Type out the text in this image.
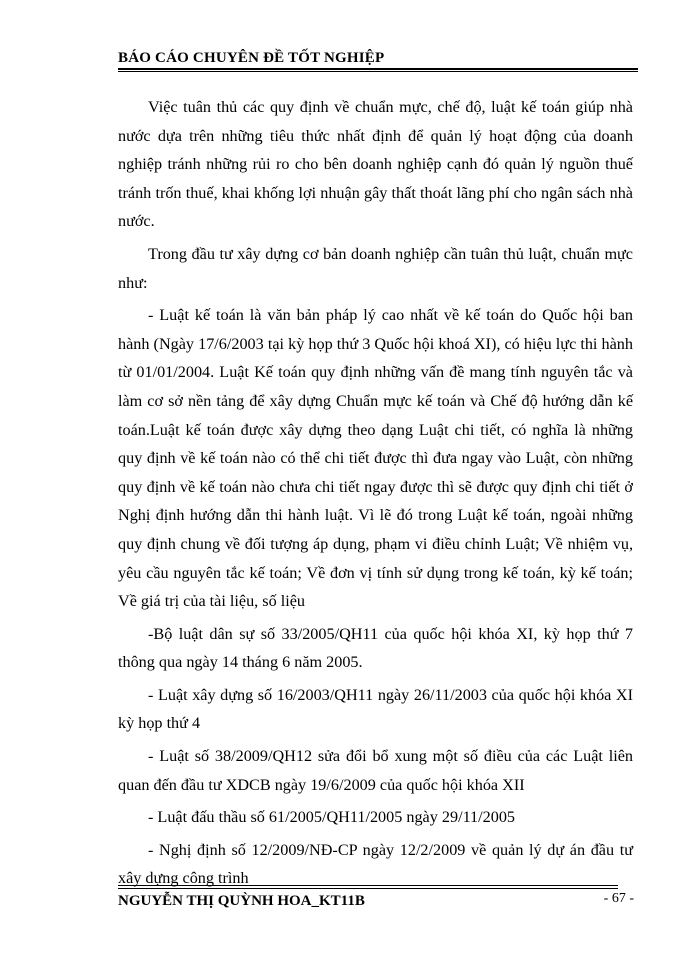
BÁO CÁO CHUYÊN ĐỀ TỐT NGHIỆP

Việc tuân thủ các quy định về chuẩn mực, chế độ, luật kế toán giúp nhà nước dựa trên những tiêu thức nhất định để quản lý hoạt động của doanh nghiệp tránh những rủi ro cho bên doanh nghiệp cạnh đó quản lý nguồn thuế tránh trốn thuế, khai khống lợi nhuận gây thất thoát lãng phí cho ngân sách nhà nước.

Trong đầu tư xây dựng cơ bản doanh nghiệp cần tuân thủ luật, chuẩn mực như:

- Luật kế toán là văn bản pháp lý cao nhất về kế toán do Quốc hội ban hành (Ngày 17/6/2003 tại kỳ họp thứ 3 Quốc hội khoá XI), có hiệu lực thi hành từ 01/01/2004. Luật Kế toán quy định những vấn đề mang tính nguyên tắc và làm cơ sở nền tảng để xây dựng Chuẩn mực kế toán và Chế độ hướng dẫn kế toán.Luật kế toán được xây dựng theo dạng Luật chi tiết, có nghĩa là những quy định về kế toán nào có thể chi tiết được thì đưa ngay vào Luật, còn những quy định về kế toán nào chưa chi tiết ngay được thì sẽ được quy định chi tiết ở Nghị định hướng dẫn thi hành luật. Vì lẽ đó trong Luật kế toán, ngoài những quy định chung về đối tượng áp dụng, phạm vi điều chỉnh Luật; Về nhiệm vụ, yêu cầu nguyên tắc kế toán; Về đơn vị tính sử dụng trong kế toán, kỳ kế toán; Về giá trị của tài liệu, số liệu

-Bộ luật dân sự số 33/2005/QH11 của quốc hội khóa XI, kỳ họp thứ 7 thông qua ngày 14 tháng 6 năm 2005.

- Luật xây dựng số 16/2003/QH11 ngày 26/11/2003 của quốc hội khóa XI kỳ họp thứ 4

- Luật số 38/2009/QH12 sửa đổi bổ xung một số điều của các Luật liên quan đến đầu tư XDCB ngày 19/6/2009 của quốc hội khóa XII

- Luật đấu thầu số 61/2005/QH11/2005 ngày 29/11/2005

- Nghị định số 12/2009/NĐ-CP ngày 12/2/2009 về quản lý dự án đầu tư xây dựng công trình

NGUYỄN THỊ QUỲNH HOA_KT11B	- 67 -
